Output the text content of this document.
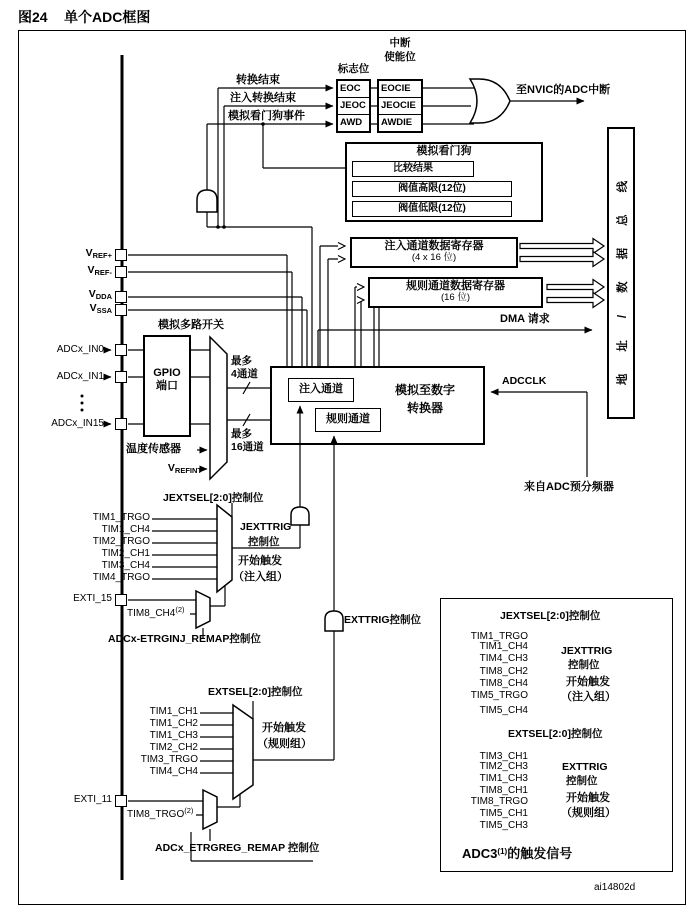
图24 单个ADC框图
中断
使能位
标志位
EOC
JEOC
AWD
EOCIE
JEOCIE
AWDIE
转换结束
注入转换结束
模拟看门狗事件
至NVIC的ADC中断
模拟看门狗
比较结果
阀值高限(12位)
阀值低限(12位)
注入通道数据寄存器
(4 x 16 位)
规则通道数据寄存器
(16 位)
DMA 请求	地址/数据总线
$V_{REF+}$
$V_{REF-}$
$V_{DDA}$
$V_{SSA}$
ADCx_IN0
ADCx_IN1
ADCx_IN15
GPIO
端口
模拟多路开关
最多
4通道
最多
16通道
温度传感器
$V_{REFINT}$
模拟至数字
转换器
注入通道
规则通道
ADCCLK
来自ADC预分频器
JEXTSEL[2:0]控制位
TIM1_TRGO
TIM1_CH4
TIM2_TRGO
TIM2_CH1
TIM3_CH4
TIM4_TRGO
JEXTTRIG
控制位
开始触发
（注入组）
EXTI_15
TIM8_CH4$^{(2)}$
ADCx-ETRGINJ_REMAP控制位
EXTTRIG控制位
EXTSEL[2:0]控制位
TIM1_CH1
TIM1_CH2
TIM1_CH3
TIM2_CH2
TIM3_TRGO
TIM4_CH4
开始触发
（规则组）
EXTI_11
TIM8_TRGO$^{(2)}$
ADCx_ETRGREG_REMAP 控制位
JEXTSEL[2:0]控制位
TIM1_TRGO
TIM1_CH4
TIM4_CH3
TIM8_CH2
TIM8_CH4
TIM5_TRGO
TIM5_CH4
JEXTTRIG
控制位
开始触发
（注入组）
EXTSEL[2:0]控制位
TIM3_CH1
TIM2_CH3
TIM1_CH3
TIM8_CH1
TIM8_TRGO
TIM5_CH1
TIM5_CH3
EXTTRIG
控制位
开始触发
（规则组）
ADC3$^{(1)}$的触发信号
ai14802d
